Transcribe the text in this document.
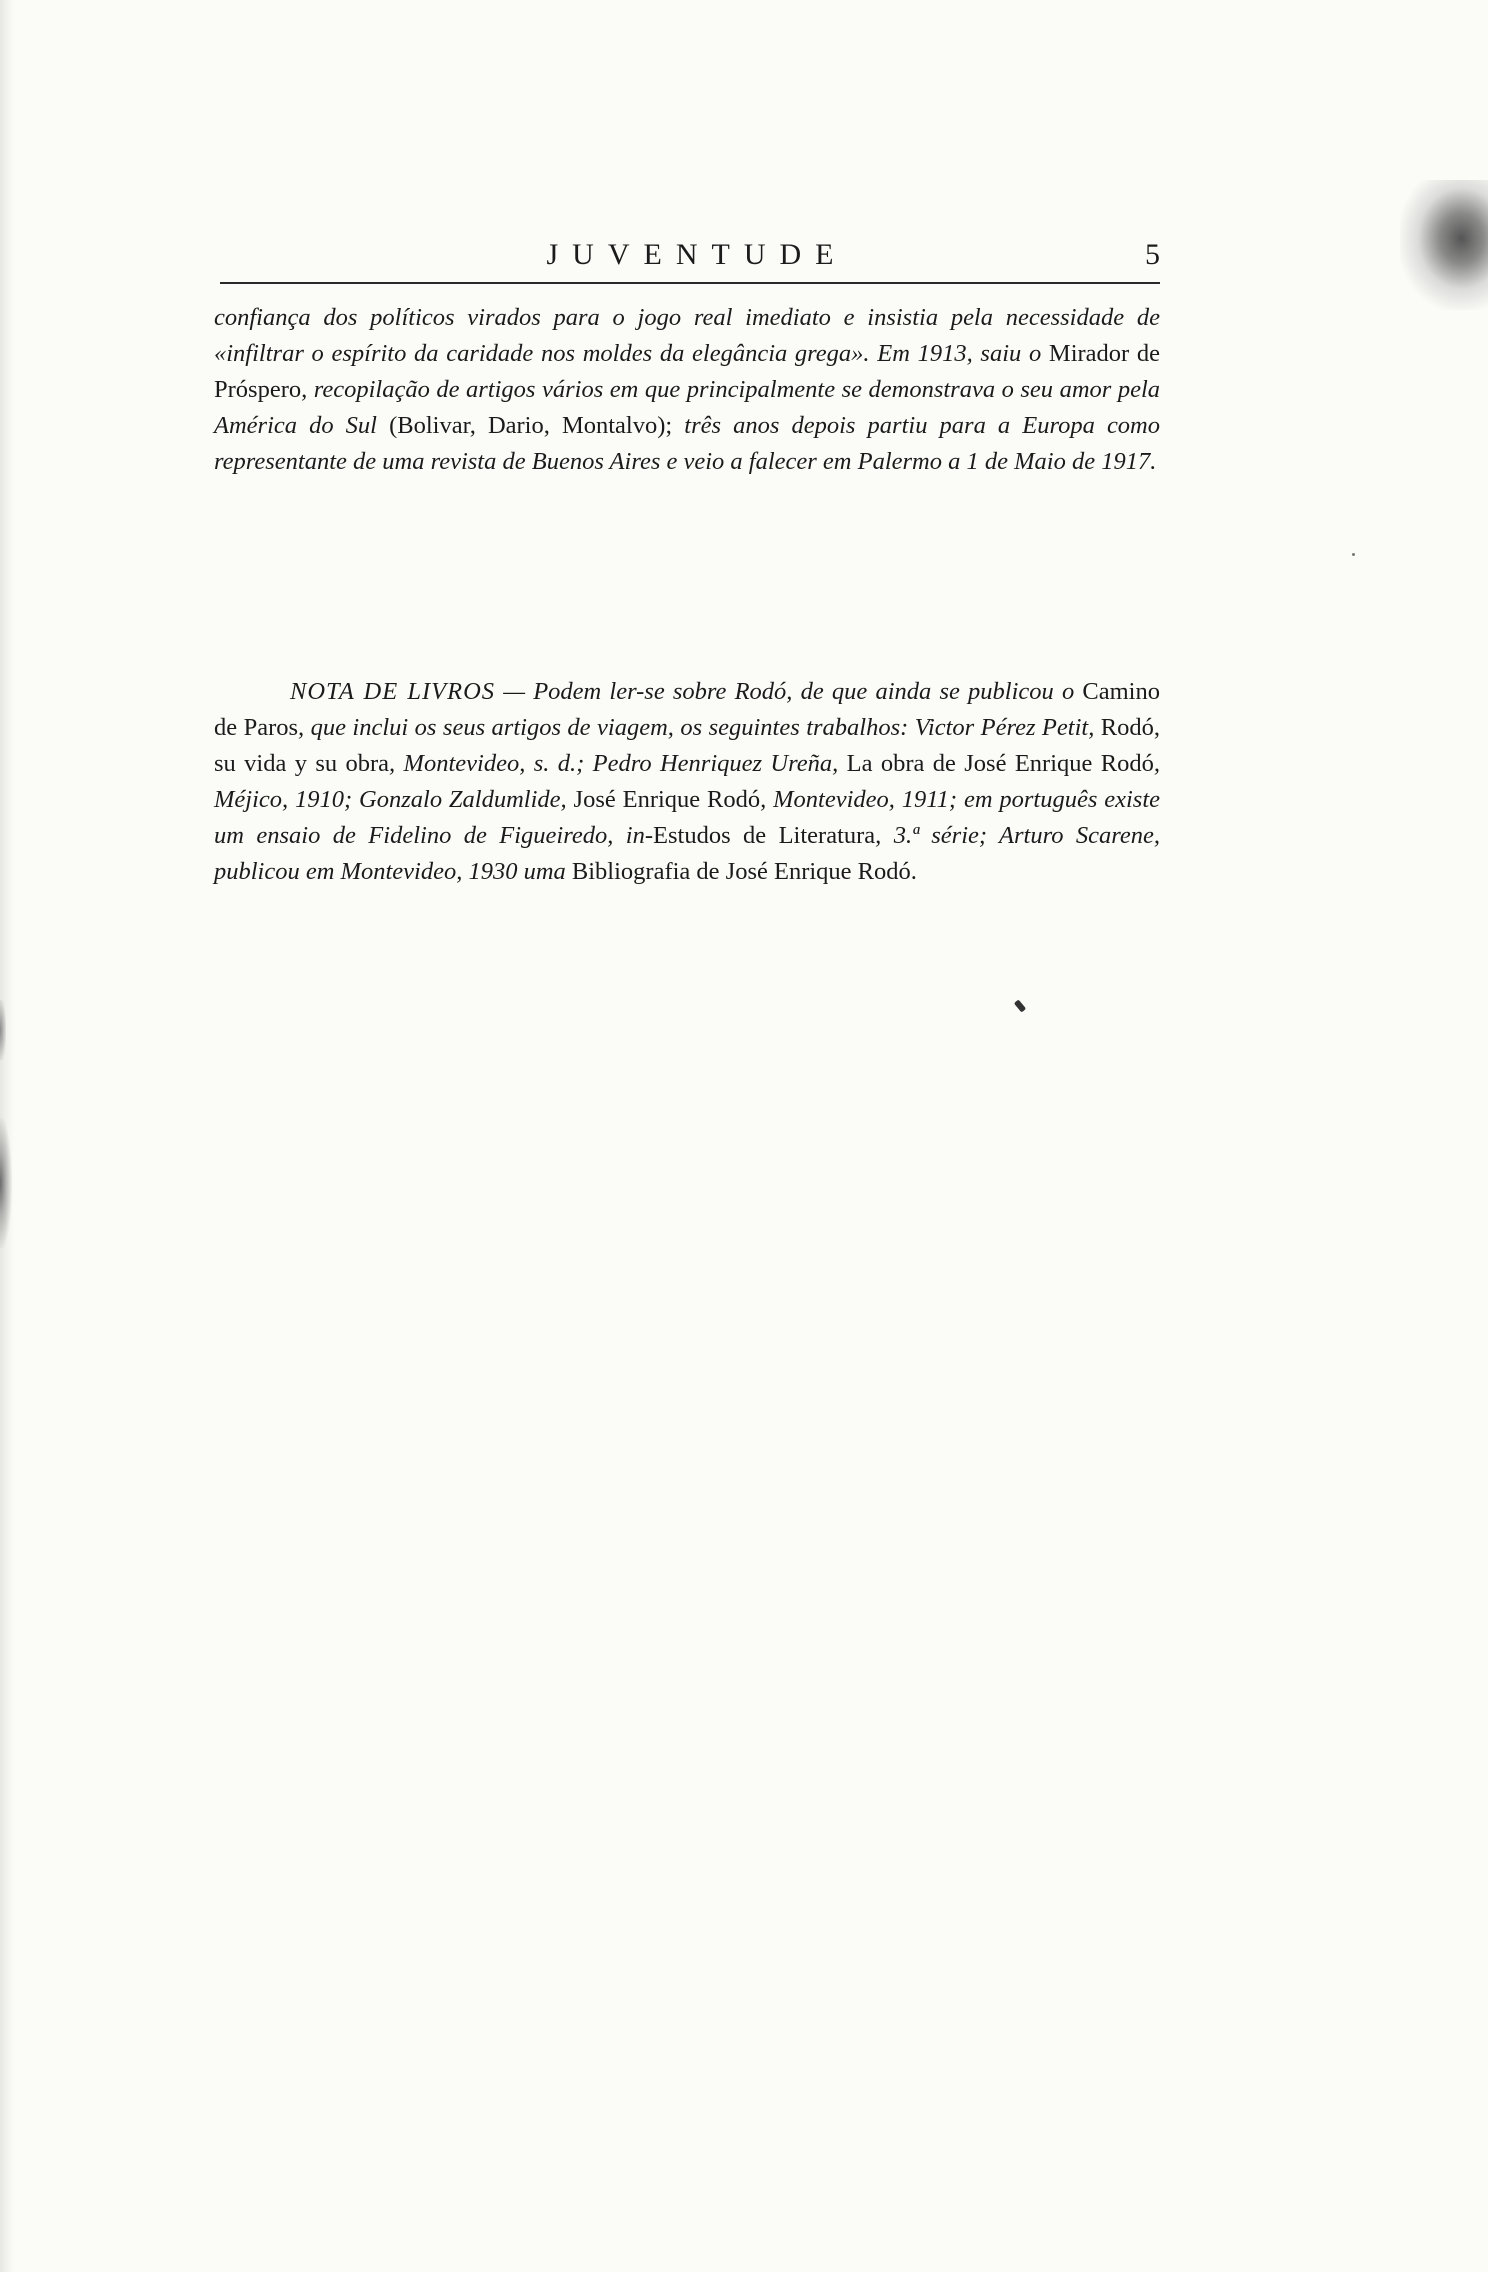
JUVENTUDE	5
confiança dos políticos virados para o jogo real imediato e insistia pela necessidade de «infiltrar o espírito da caridade nos moldes da elegância grega». Em 1913, saiu o Mirador de Próspero, recopilação de artigos vários em que principalmente se demonstrava o seu amor pela América do Sul (Bolivar, Dario, Montalvo); três anos depois partiu para a Europa como representante de uma revista de Buenos Aires e veio a falecer em Palermo a 1 de Maio de 1917.
NOTA DE LIVROS — Podem ler-se sobre Rodó, de que ainda se publicou o Camino de Paros, que inclui os seus artigos de viagem, os seguintes trabalhos: Victor Pérez Petit, Rodó, su vida y su obra, Montevideo, s. d.; Pedro Henriquez Ureña, La obra de José Enrique Rodó, Méjico, 1910; Gonzalo Zaldumlide, José Enrique Rodó, Montevideo, 1911; em português existe um ensaio de Fidelino de Figueiredo, in-Estudos de Literatura, 3.ª série; Arturo Scarene, publicou em Montevideo, 1930 uma Bibliografia de José Enrique Rodó.
